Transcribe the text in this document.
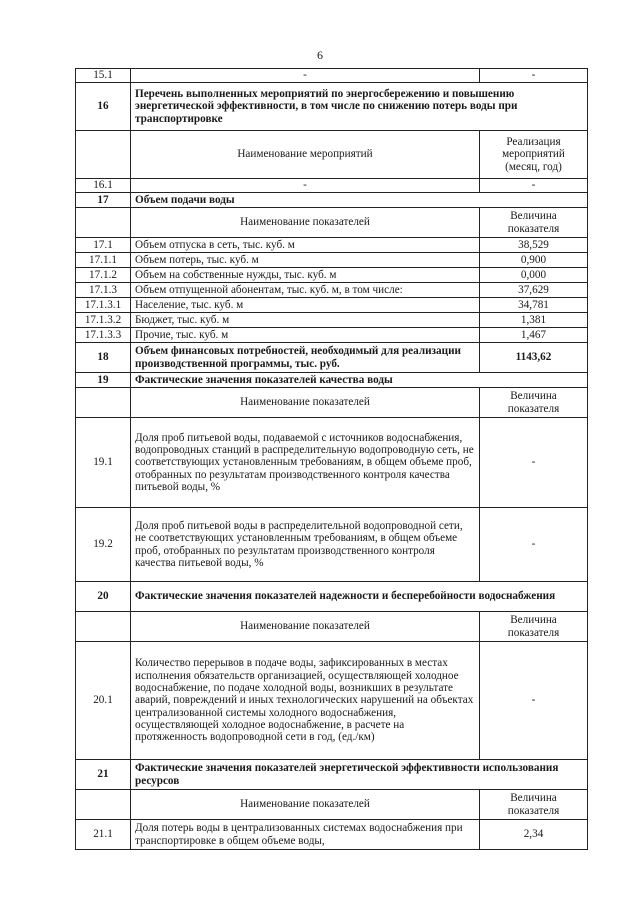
6
15.1	-	-
16	Перечень выполненных мероприятий по энергосбережению и повышению энергетической эффективности, в том числе по снижению потерь воды при транспортировке	
	Наименование мероприятий	Реализация мероприятий (месяц, год)
16.1	-	-
17	Объем подачи воды	
	Наименование показателей	Величина показателя
17.1	Объем отпуска в сеть, тыс. куб. м	38,529
17.1.1	Объем потерь, тыс. куб. м	0,900
17.1.2	Объем на собственные нужды, тыс. куб. м	0,000
17.1.3	Объем отпущенной абонентам, тыс. куб. м, в том числе:	37,629
17.1.3.1	Население, тыс. куб. м	34,781
17.1.3.2	Бюджет, тыс. куб. м	1,381
17.1.3.3	Прочие, тыс. куб. м	1,467
18	Объем финансовых потребностей, необходимый для реализации производственной программы, тыс. руб.	1143,62
19	Фактические значения показателей качества воды	
	Наименование показателей	Величина показателя
19.1	Доля проб питьевой воды, подаваемой с источников водоснабжения, водопроводных станций в распределительную водопроводную сеть, не соответствующих установленным требованиям, в общем объеме проб, отобранных по результатам производственного контроля качества питьевой воды, %	-
19.2	Доля проб питьевой воды в распределительной водопроводной сети, не соответствующих установленным требованиям, в общем объеме проб, отобранных по результатам производственного контроля качества питьевой воды, %	-
20	Фактические значения показателей надежности и бесперебойности водоснабжения	
	Наименование показателей	Величина показателя
20.1	Количество перерывов в подаче воды, зафиксированных в местах исполнения обязательств организацией, осуществляющей холодное водоснабжение, по подаче холодной воды, возникших в результате аварий, повреждений и иных технологических нарушений на объектах централизованной системы холодного водоснабжения, осуществляющей холодное водоснабжение, в расчете на протяженность водопроводной сети в год, (ед./км)	-
21	Фактические значения показателей энергетической эффективности использования ресурсов	
	Наименование показателей	Величина показателя
21.1	Доля потерь воды в централизованных системах водоснабжения при транспортировке в общем объеме воды,	2,34
